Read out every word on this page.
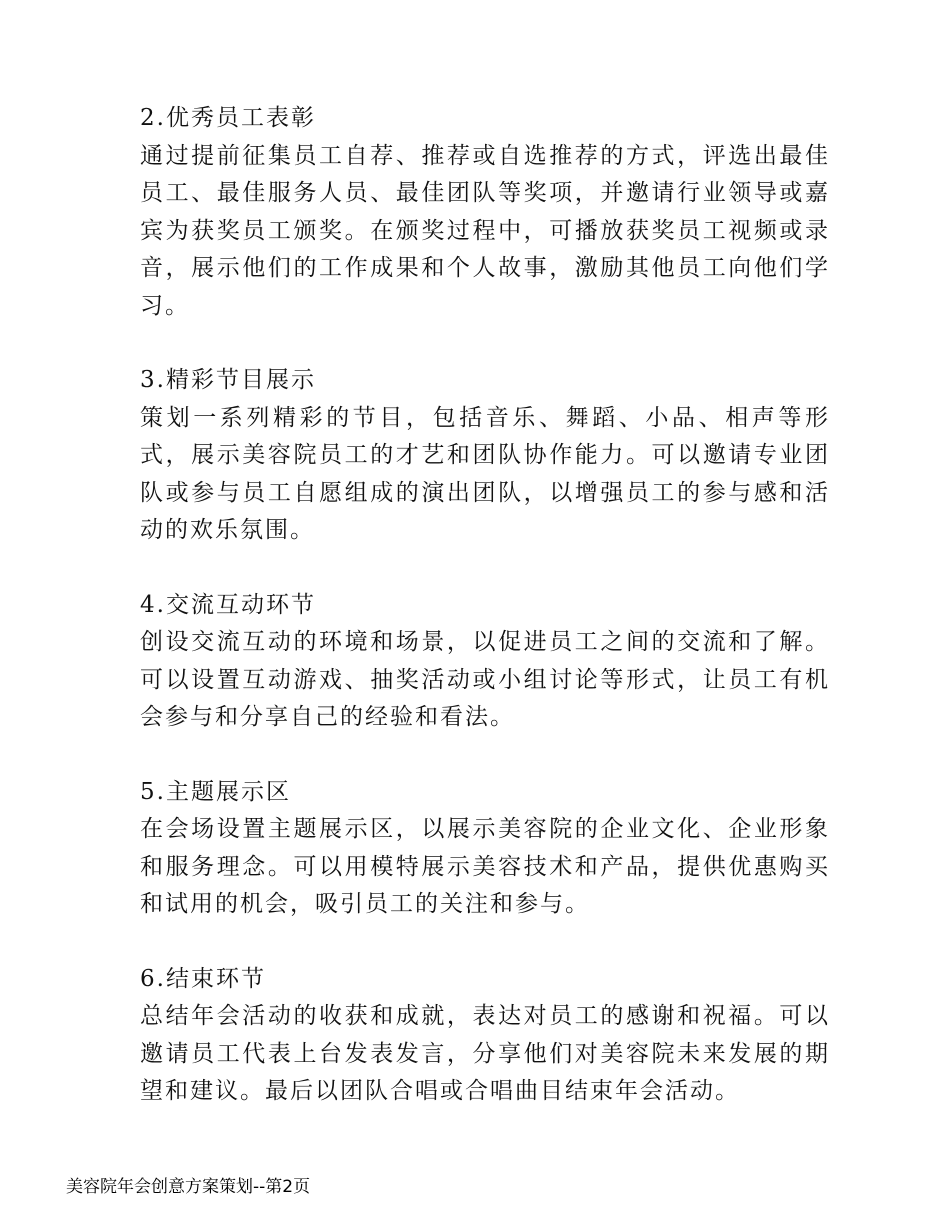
2.优秀员工表彰

通过提前征集员工自荐、推荐或自选推荐的方式，评选出最佳员工、最佳服务人员、最佳团队等奖项，并邀请行业领导或嘉宾为获奖员工颁奖。在颁奖过程中，可播放获奖员工视频或录音，展示他们的工作成果和个人故事，激励其他员工向他们学习。

3.精彩节目展示

策划一系列精彩的节目，包括音乐、舞蹈、小品、相声等形式，展示美容院员工的才艺和团队协作能力。可以邀请专业团队或参与员工自愿组成的演出团队，以增强员工的参与感和活动的欢乐氛围。

4.交流互动环节

创设交流互动的环境和场景，以促进员工之间的交流和了解。可以设置互动游戏、抽奖活动或小组讨论等形式，让员工有机会参与和分享自己的经验和看法。

5.主题展示区

在会场设置主题展示区，以展示美容院的企业文化、企业形象和服务理念。可以用模特展示美容技术和产品，提供优惠购买和试用的机会，吸引员工的关注和参与。

6.结束环节

总结年会活动的收获和成就，表达对员工的感谢和祝福。可以邀请员工代表上台发表发言，分享他们对美容院未来发展的期望和建议。最后以团队合唱或合唱曲目结束年会活动。

美容院年会创意方案策划--第2页
